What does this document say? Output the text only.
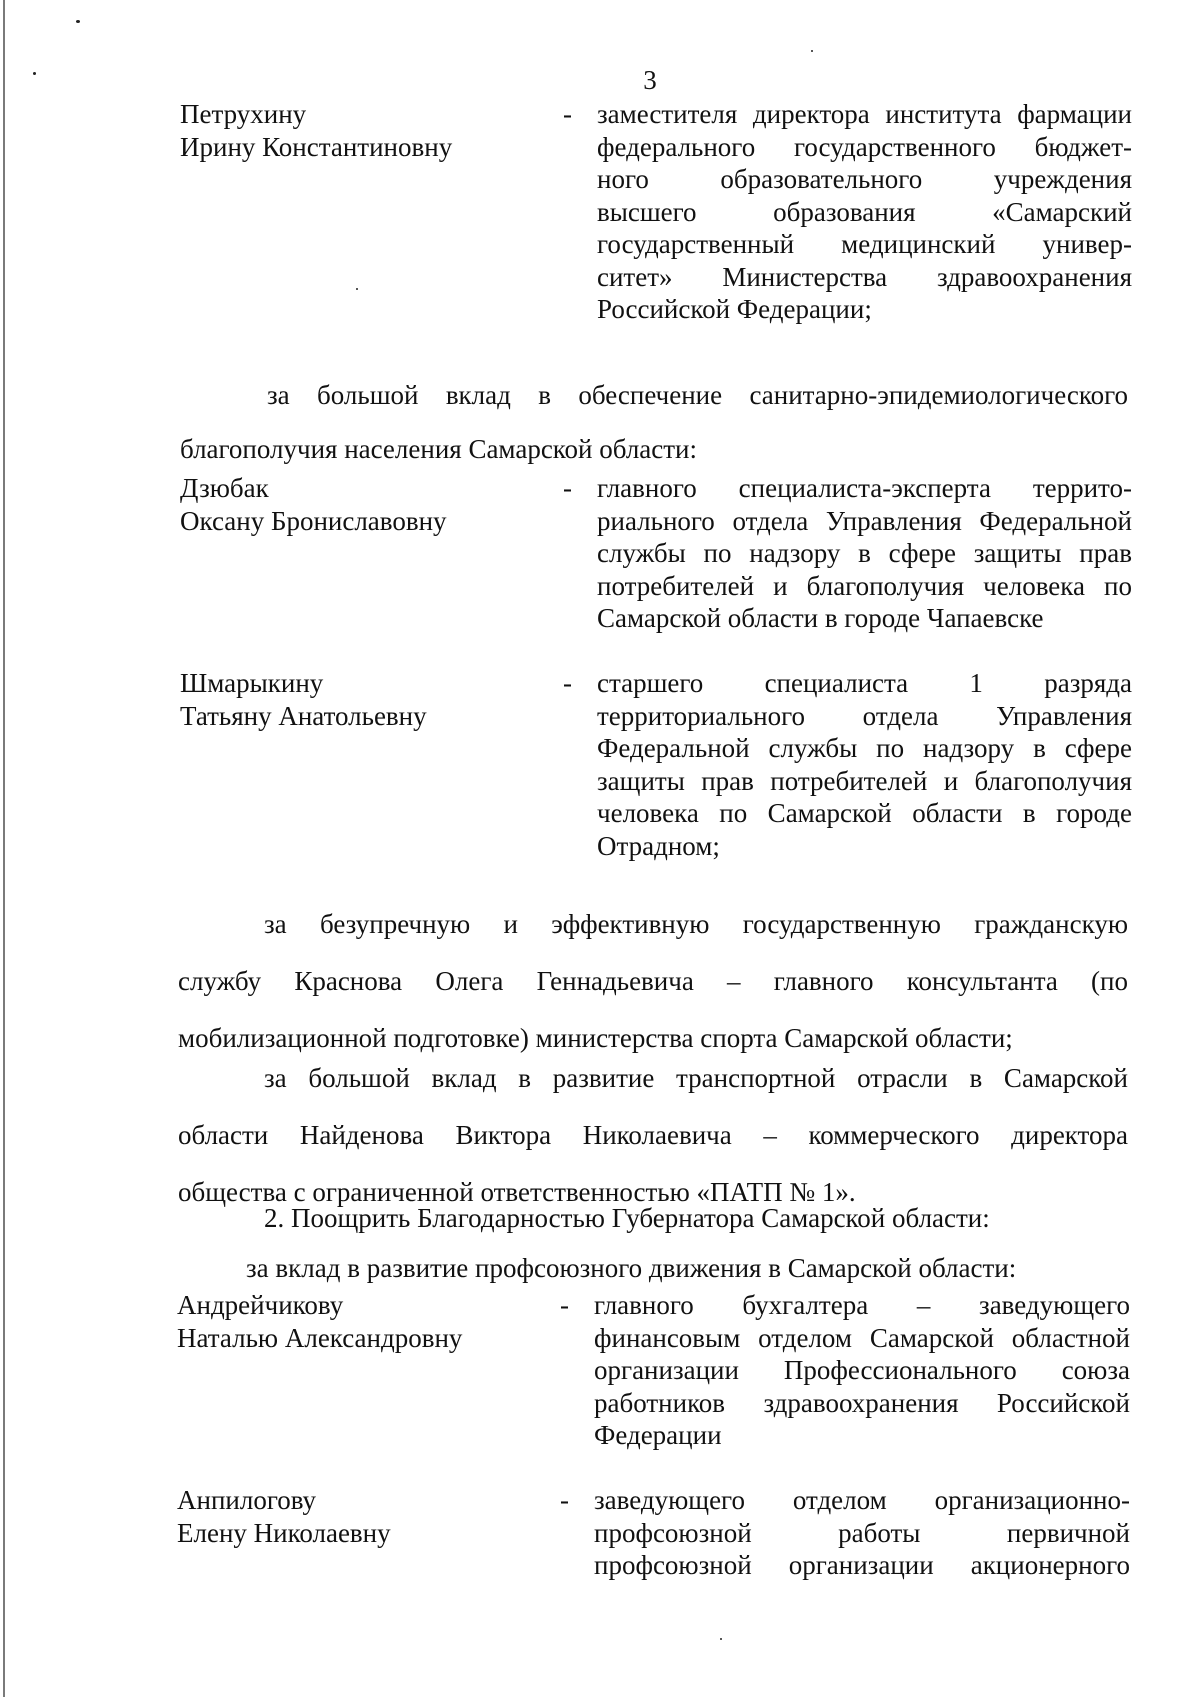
3
Петрухину
Ирину Константиновну
- заместителя директора института фармации
федерального государственного бюджет-
ного образовательного учреждения
высшего образования «Самарский
государственный медицинский универ-
ситет» Министерства здравоохранения
Российской Федерации;
за большой вклад в обеспечение санитарно-эпидемиологического
благополучия населения Самарской области:
Дзюбак
Оксану Брониславовну
- главного специалиста-эксперта террито-
риального отдела Управления Федеральной
службы по надзору в сфере защиты прав
потребителей и благополучия человека по
Самарской области в городе Чапаевске
Шмарыкину
Татьяну Анатольевну
- старшего специалиста 1 разряда
территориального отдела Управления
Федеральной службы по надзору в сфере
защиты прав потребителей и благополучия
человека по Самарской области в городе
Отрадном;
за безупречную и эффективную государственную гражданскую
службу Краснова Олега Геннадьевича – главного консультанта (по
мобилизационной подготовке) министерства спорта Самарской области;
за большой вклад в развитие транспортной отрасли в Самарской
области Найденова Виктора Николаевича – коммерческого директора
общества с ограниченной ответственностью «ПАТП № 1».
2. Поощрить Благодарностью Губернатора Самарской области:
за вклад в развитие профсоюзного движения в Самарской области:
Андрейчикову
Наталью Александровну
- главного бухгалтера – заведующего
финансовым отделом Самарской областной
организации Профессионального союза
работников здравоохранения Российской
Федерации
Анпилогову
Елену Николаевну
- заведующего отделом организационно-
профсоюзной работы первичной
профсоюзной организации акционерного
